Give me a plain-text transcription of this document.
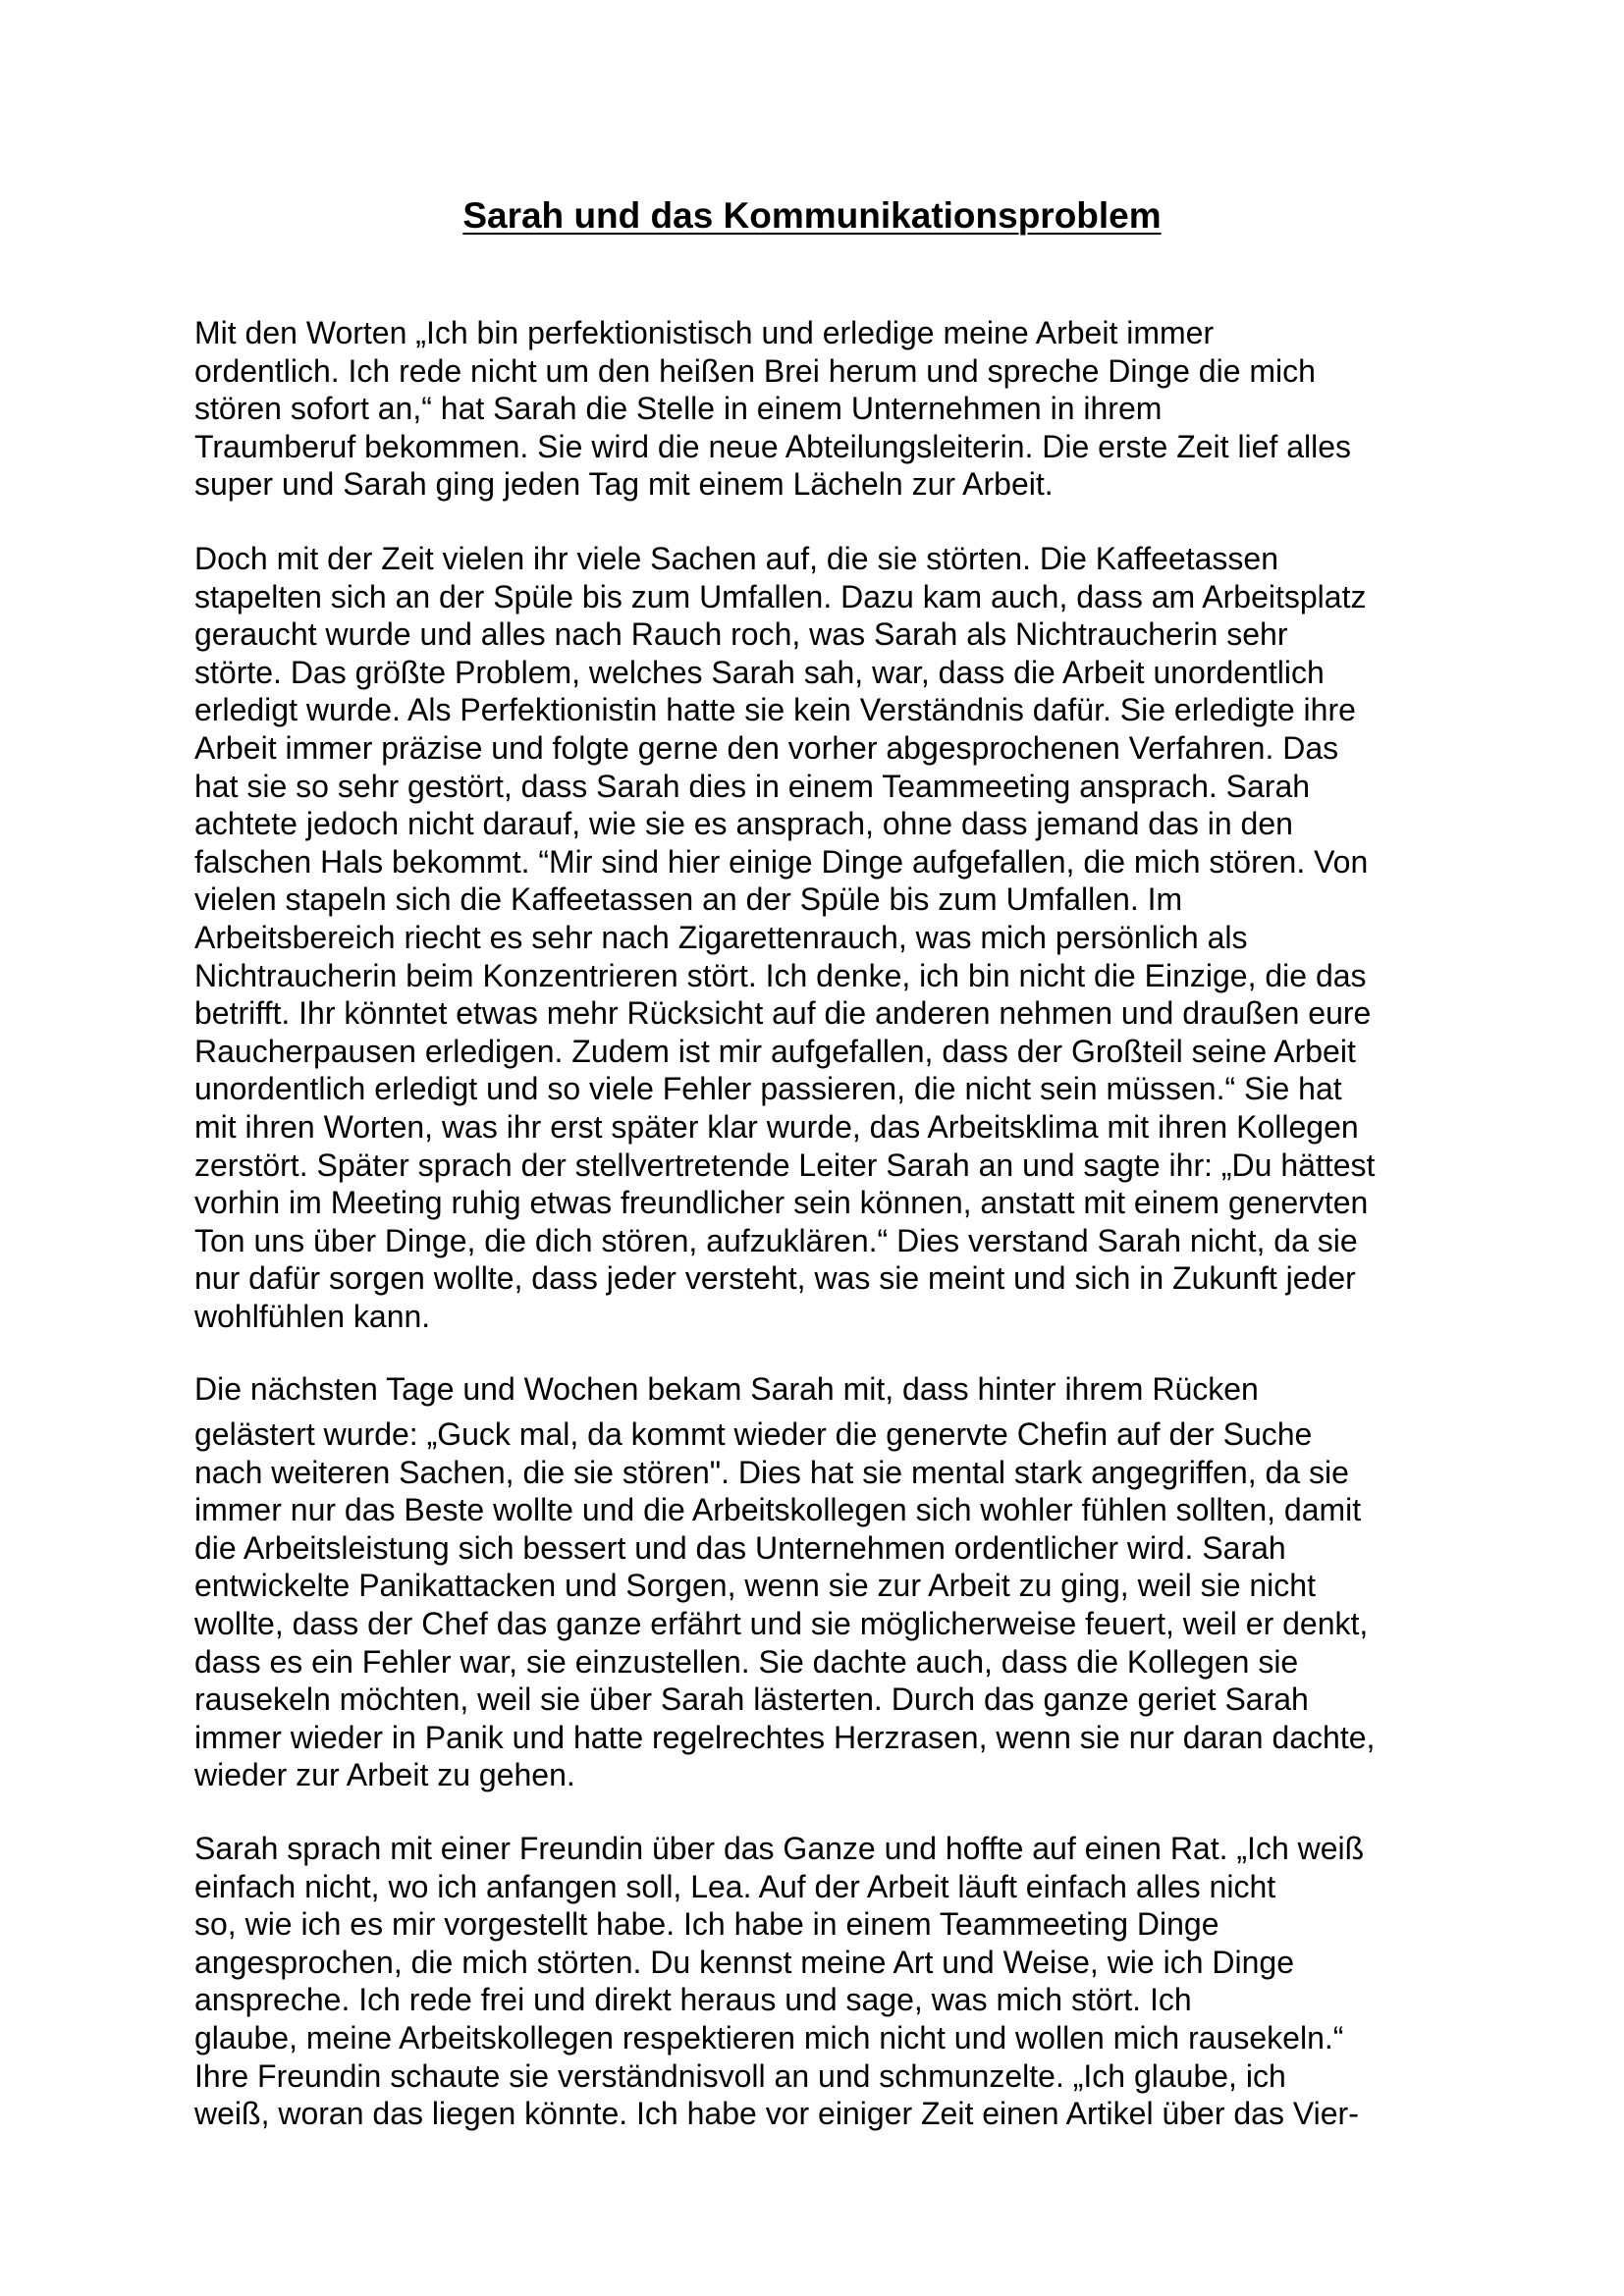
Sarah und das Kommunikationsproblem
Mit den Worten „Ich bin perfektionistisch und erledige meine Arbeit immer
ordentlich. Ich rede nicht um den heißen Brei herum und spreche Dinge die mich
stören sofort an,“ hat Sarah die Stelle in einem Unternehmen in ihrem
Traumberuf bekommen. Sie wird die neue Abteilungsleiterin. Die erste Zeit lief alles
super und Sarah ging jeden Tag mit einem Lächeln zur Arbeit.
Doch mit der Zeit vielen ihr viele Sachen auf, die sie störten. Die Kaffeetassen
stapelten sich an der Spüle bis zum Umfallen. Dazu kam auch, dass am Arbeitsplatz
geraucht wurde und alles nach Rauch roch, was Sarah als Nichtraucherin sehr
störte. Das größte Problem, welches Sarah sah, war, dass die Arbeit unordentlich
erledigt wurde. Als Perfektionistin hatte sie kein Verständnis dafür. Sie erledigte ihre
Arbeit immer präzise und folgte gerne den vorher abgesprochenen Verfahren. Das
hat sie so sehr gestört, dass Sarah dies in einem Teammeeting ansprach. Sarah
achtete jedoch nicht darauf, wie sie es ansprach, ohne dass jemand das in den
falschen Hals bekommt. “Mir sind hier einige Dinge aufgefallen, die mich stören. Von
vielen stapeln sich die Kaffeetassen an der Spüle bis zum Umfallen. Im
Arbeitsbereich riecht es sehr nach Zigarettenrauch, was mich persönlich als
Nichtraucherin beim Konzentrieren stört. Ich denke, ich bin nicht die Einzige, die das
betrifft. Ihr könntet etwas mehr Rücksicht auf die anderen nehmen und draußen eure
Raucherpausen erledigen. Zudem ist mir aufgefallen, dass der Großteil seine Arbeit
unordentlich erledigt und so viele Fehler passieren, die nicht sein müssen.“ Sie hat
mit ihren Worten, was ihr erst später klar wurde, das Arbeitsklima mit ihren Kollegen
zerstört. Später sprach der stellvertretende Leiter Sarah an und sagte ihr: „Du hättest
vorhin im Meeting ruhig etwas freundlicher sein können, anstatt mit einem genervten
Ton uns über Dinge, die dich stören, aufzuklären.“ Dies verstand Sarah nicht, da sie
nur dafür sorgen wollte, dass jeder versteht, was sie meint und sich in Zukunft jeder
wohlfühlen kann.
Die nächsten Tage und Wochen bekam Sarah mit, dass hinter ihrem Rücken
gelästert wurde: „Guck mal, da kommt wieder die genervte Chefin auf der Suche
nach weiteren Sachen, die sie stören". Dies hat sie mental stark angegriffen, da sie
immer nur das Beste wollte und die Arbeitskollegen sich wohler fühlen sollten, damit
die Arbeitsleistung sich bessert und das Unternehmen ordentlicher wird. Sarah
entwickelte Panikattacken und Sorgen, wenn sie zur Arbeit zu ging, weil sie nicht
wollte, dass der Chef das ganze erfährt und sie möglicherweise feuert, weil er denkt,
dass es ein Fehler war, sie einzustellen. Sie dachte auch, dass die Kollegen sie
rausekeln möchten, weil sie über Sarah lästerten. Durch das ganze geriet Sarah
immer wieder in Panik und hatte regelrechtes Herzrasen, wenn sie nur daran dachte,
wieder zur Arbeit zu gehen.
Sarah sprach mit einer Freundin über das Ganze und hoffte auf einen Rat. „Ich weiß
einfach nicht, wo ich anfangen soll, Lea. Auf der Arbeit läuft einfach alles nicht
so, wie ich es mir vorgestellt habe. Ich habe in einem Teammeeting Dinge
angesprochen, die mich störten. Du kennst meine Art und Weise, wie ich Dinge
anspreche. Ich rede frei und direkt heraus und sage, was mich stört. Ich
glaube, meine Arbeitskollegen respektieren mich nicht und wollen mich rausekeln.“
Ihre Freundin schaute sie verständnisvoll an und schmunzelte. „Ich glaube, ich
weiß, woran das liegen könnte. Ich habe vor einiger Zeit einen Artikel über das Vier-
